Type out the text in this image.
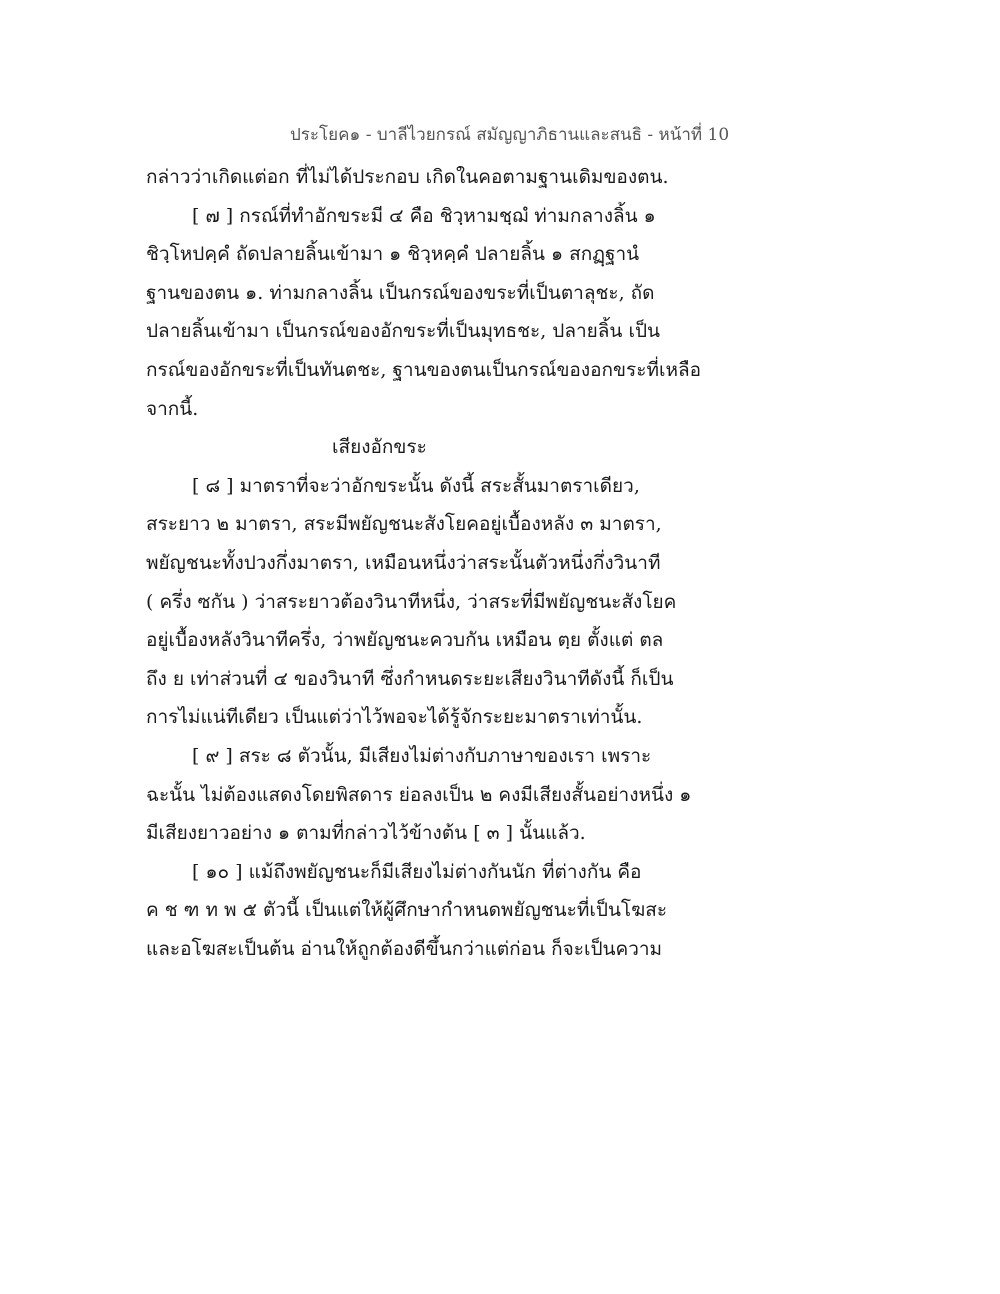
ประโยค๑ - บาลีไวยกรณ์ สมัญญาภิธานและสนธิ - หน้าที่ 10
กล่าวว่าเกิดแต่อก ที่ไม่ได้ประกอบ เกิดในคอตามฐานเดิมของตน.
[ ๗ ] กรณ์ที่ทำอักขระมี ๔ คือ ชิวฺหามชฺฌํ ท่ามกลางลิ้น ๑
ชิวฺโหปคฺคํ ถัดปลายลิ้นเข้ามา ๑ ชิวฺหคฺคํ ปลายลิ้น ๑ สกฏฺฐานํ
ฐานของตน ๑. ท่ามกลางลิ้น เป็นกรณ์ของขระที่เป็นตาลุชะ, ถัด
ปลายลิ้นเข้ามา เป็นกรณ์ของอักขระที่เป็นมุทธชะ, ปลายลิ้น เป็น
กรณ์ของอักขระที่เป็นทันตชะ, ฐานของตนเป็นกรณ์ของอกขระที่เหลือ
จากนี้.
เสียงอักขระ
[ ๘ ] มาตราที่จะว่าอักขระนั้น ดังนี้ สระสั้นมาตราเดียว,
สระยาว ๒ มาตรา, สระมีพยัญชนะสังโยคอยู่เบื้องหลัง ๓ มาตรา,
พยัญชนะทั้งปวงกึ่งมาตรา, เหมือนหนึ่งว่าสระนั้นตัวหนึ่งกึ่งวินาที
( ครึ่ง ซกัน ) ว่าสระยาวต้องวินาทีหนึ่ง, ว่าสระที่มีพยัญชนะสังโยค
อยู่เบื้องหลังวินาทีครึ่ง, ว่าพยัญชนะควบกัน เหมือน ตฺย ตั้งแต่ ตล
ถึง ย เท่าส่วนที่ ๔ ของวินาที ซึ่งกำหนดระยะเสียงวินาทีดังนี้ ก็เป็น
การไม่แน่ทีเดียว เป็นแต่ว่าไว้พอจะได้รู้จักระยะมาตราเท่านั้น.
[ ๙ ] สระ ๘ ตัวนั้น, มีเสียงไม่ต่างกับภาษาของเรา เพราะ
ฉะนั้น ไม่ต้องแสดงโดยพิสดาร ย่อลงเป็น ๒ คงมีเสียงสั้นอย่างหนึ่ง ๑
มีเสียงยาวอย่าง ๑ ตามที่กล่าวไว้ข้างต้น [ ๓ ] นั้นแล้ว.
[ ๑๐ ] แม้ถึงพยัญชนะก็มีเสียงไม่ต่างกันนัก ที่ต่างกัน คือ
ค ช ฑ ท พ ๕ ตัวนี้ เป็นแต่ให้ผู้ศึกษากำหนดพยัญชนะที่เป็นโฆสะ
และอโฆสะเป็นต้น อ่านให้ถูกต้องดีขึ้นกว่าแต่ก่อน ก็จะเป็นความ
